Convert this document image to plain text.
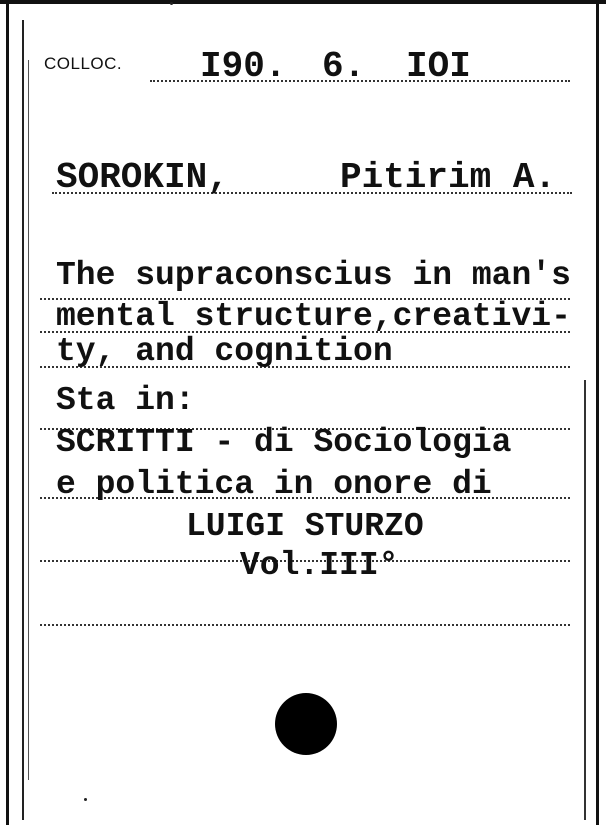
COLLOC. I90. 6. IOI
SOROKIN,	Pitirim A.
The supraconscius in man's
mental structure,creativi-
ty, and cognition
Sta in:
SCRITTI - di Sociologia
e politica in onore di
LUIGI STURZO
Vol.III°
